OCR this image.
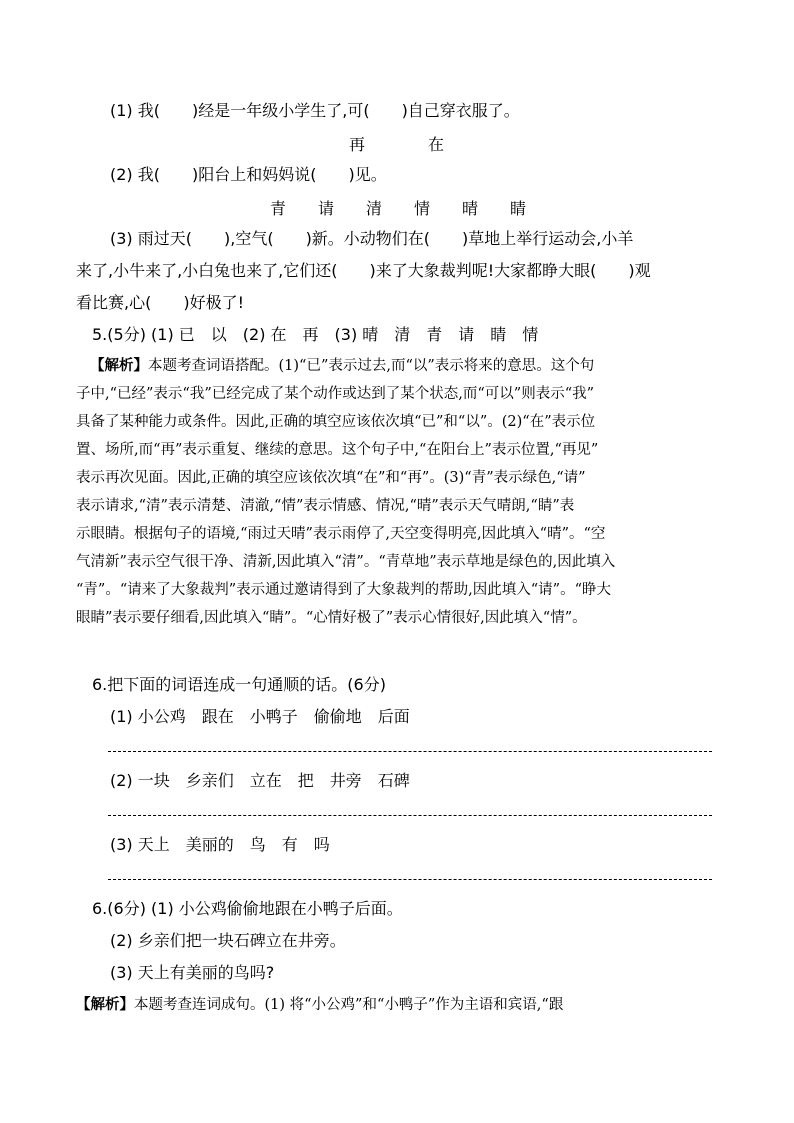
(1) 我(　　)经是一年级小学生了,可(　　)自己穿衣服了。
再	在
(2) 我(　　)阳台上和妈妈说(　　)见。
青 请 清 情 晴 睛
(3) 雨过天(　　),空气(　　)新。小动物们在(　　)草地上举行运动会,小羊
来了,小牛来了,小白兔也来了,它们还(　　)来了大象裁判呢!大家都睁大眼(　　)观
看比赛,心(　　)好极了!
5.(5分) (1) 已　以　(2) 在　再　(3) 晴　清　青　请　睛　情
【解析】本题考查词语搭配。(1)“已”表示过去,而“以”表示将来的意思。这个句
子中,“已经”表示“我”已经完成了某个动作或达到了某个状态,而“可以”则表示“我”
具备了某种能力或条件。因此,正确的填空应该依次填“已”和“以”。(2)“在”表示位
置、场所,而“再”表示重复、继续的意思。这个句子中,“在阳台上”表示位置,“再见”
表示再次见面。因此,正确的填空应该依次填“在”和“再”。(3)“青”表示绿色,“请”
表示请求,“清”表示清楚、清澈,“情”表示情感、情况,“晴”表示天气晴朗,“睛”表
示眼睛。根据句子的语境,“雨过天晴”表示雨停了,天空变得明亮,因此填入“晴”。“空
气清新”表示空气很干净、清新,因此填入“清”。“青草地”表示草地是绿色的,因此填入
“青”。“请来了大象裁判”表示通过邀请得到了大象裁判的帮助,因此填入“请”。“睁大
眼睛”表示要仔细看,因此填入“睛”。“心情好极了”表示心情很好,因此填入“情”。
6.把下面的词语连成一句通顺的话。(6分)
(1) 小公鸡　跟在　小鸭子　偷偷地　后面
(2) 一块　乡亲们　立在　把　井旁　石碑
(3) 天上　美丽的　鸟　有　吗
6.(6分) (1) 小公鸡偷偷地跟在小鸭子后面。
(2) 乡亲们把一块石碑立在井旁。
(3) 天上有美丽的鸟吗?
【解析】本题考查连词成句。(1) 将“小公鸡”和“小鸭子”作为主语和宾语,“跟
